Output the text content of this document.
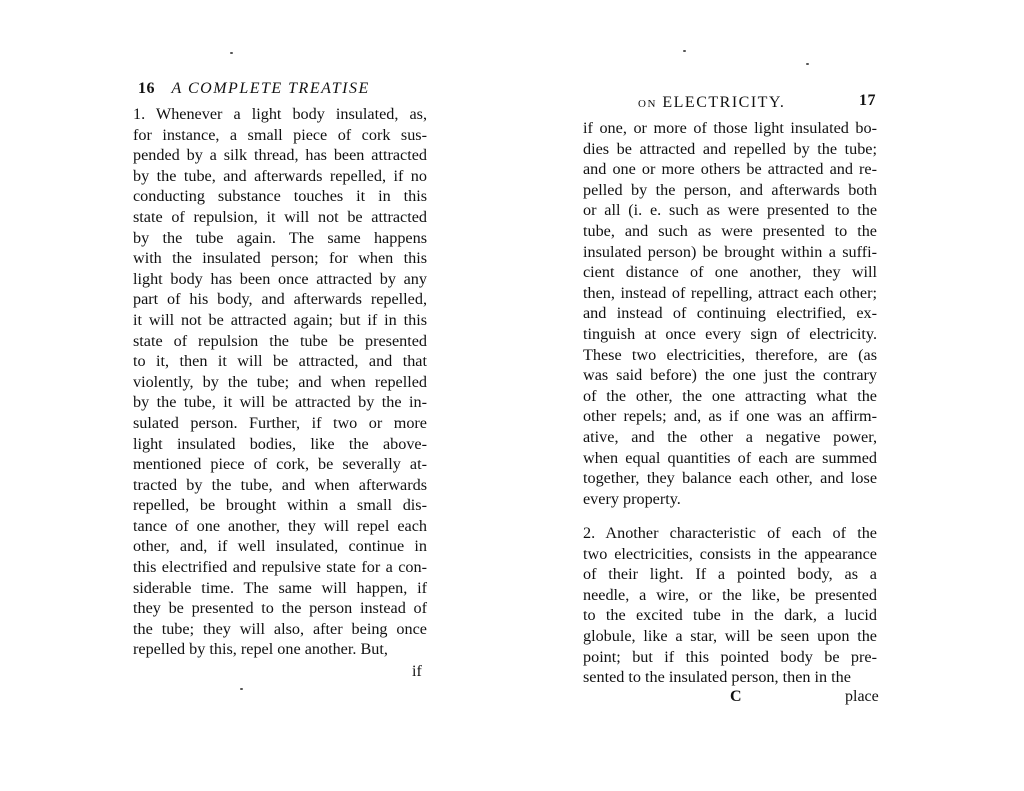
16 A COMPLETE TREATISE
1. Whenever a light body insulated, as,
for instance, a small piece of cork sus-
pended by a silk thread, has been attracted
by the tube, and afterwards repelled, if no
conducting substance touches it in this
state of repulsion, it will not be attracted
by the tube again. The same happens
with the insulated person; for when this
light body has been once attracted by any
part of his body, and afterwards repelled,
it will not be attracted again; but if in this
state of repulsion the tube be presented
to it, then it will be attracted, and that
violently, by the tube; and when repelled
by the tube, it will be attracted by the in-
sulated person. Further, if two or more
light insulated bodies, like the above-
mentioned piece of cork, be severally at-
tracted by the tube, and when afterwards
repelled, be brought within a small dis-
tance of one another, they will repel each
other, and, if well insulated, continue in
this electrified and repulsive state for a con-
siderable time. The same will happen, if
they be presented to the person instead of
the tube; they will also, after being once
repelled by this, repel one another. But,
if
on ELECTRICITY.	17
if one, or more of those light insulated bo-
dies be attracted and repelled by the tube;
and one or more others be attracted and re-
pelled by the person, and afterwards both
or all (i. e. such as were presented to the
tube, and such as were presented to the
insulated person) be brought within a suffi-
cient distance of one another, they will
then, instead of repelling, attract each other;
and instead of continuing electrified, ex-
tinguish at once every sign of electricity.
These two electricities, therefore, are (as
was said before) the one just the contrary
of the other, the one attracting what the
other repels; and, as if one was an affirm-
ative, and the other a negative power,
when equal quantities of each are summed
together, they balance each other, and lose
every property.
2. Another characteristic of each of the
two electricities, consists in the appearance
of their light. If a pointed body, as a
needle, a wire, or the like, be presented
to the excited tube in the dark, a lucid
globule, like a star, will be seen upon the
point; but if this pointed body be pre-
sented to the insulated person, then in the
C	place
